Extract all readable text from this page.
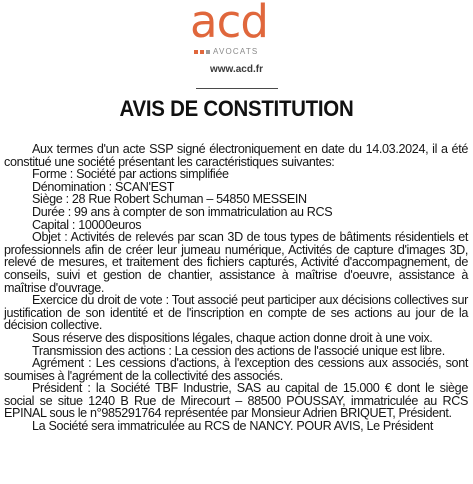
acd
AVOCATS
www.acd.fr
AVIS DE CONSTITUTION

Aux termes d'un acte SSP signé électroniquement en date du 14.03.2024, il a été constitué une société présentant les caractéristiques suivantes:

Forme : Société par actions simplifiée

Dénomination : SCAN'EST

Siège : 28 Rue Robert Schuman – 54850 MESSEIN

Durée : 99 ans à compter de son immatriculation au RCS

Capital : 10000euros

Objet : Activités de relevés par scan 3D de tous types de bâtiments résidentiels et professionnels afin de créer leur jumeau numérique, Activités de capture d'images 3D, relevé de mesures, et traitement des fichiers capturés, Activité d'accompagnement, de conseils, suivi et gestion de chantier, assistance à maîtrise d'oeuvre, assistance à maîtrise d'ouvrage.

Exercice du droit de vote : Tout associé peut participer aux décisions collectives sur justification de son identité et de l'inscription en compte de ses actions au jour de la décision collective.

Sous réserve des dispositions légales, chaque action donne droit à une voix.

Transmission des actions : La cession des actions de l'associé unique est libre.

Agrément : Les cessions d'actions, à l'exception des cessions aux associés, sont soumises à l'agrément de la collectivité des associés.

Président : la Société TBF Industrie, SAS au capital de 15.000 € dont le siège social se situe 1240 B Rue de Mirecourt – 88500 POUSSAY, immatriculée au RCS EPINAL sous le n°985291764 représentée par Monsieur Adrien BRIQUET, Président.

La Société sera immatriculée au RCS de NANCY. POUR AVIS, Le Président
